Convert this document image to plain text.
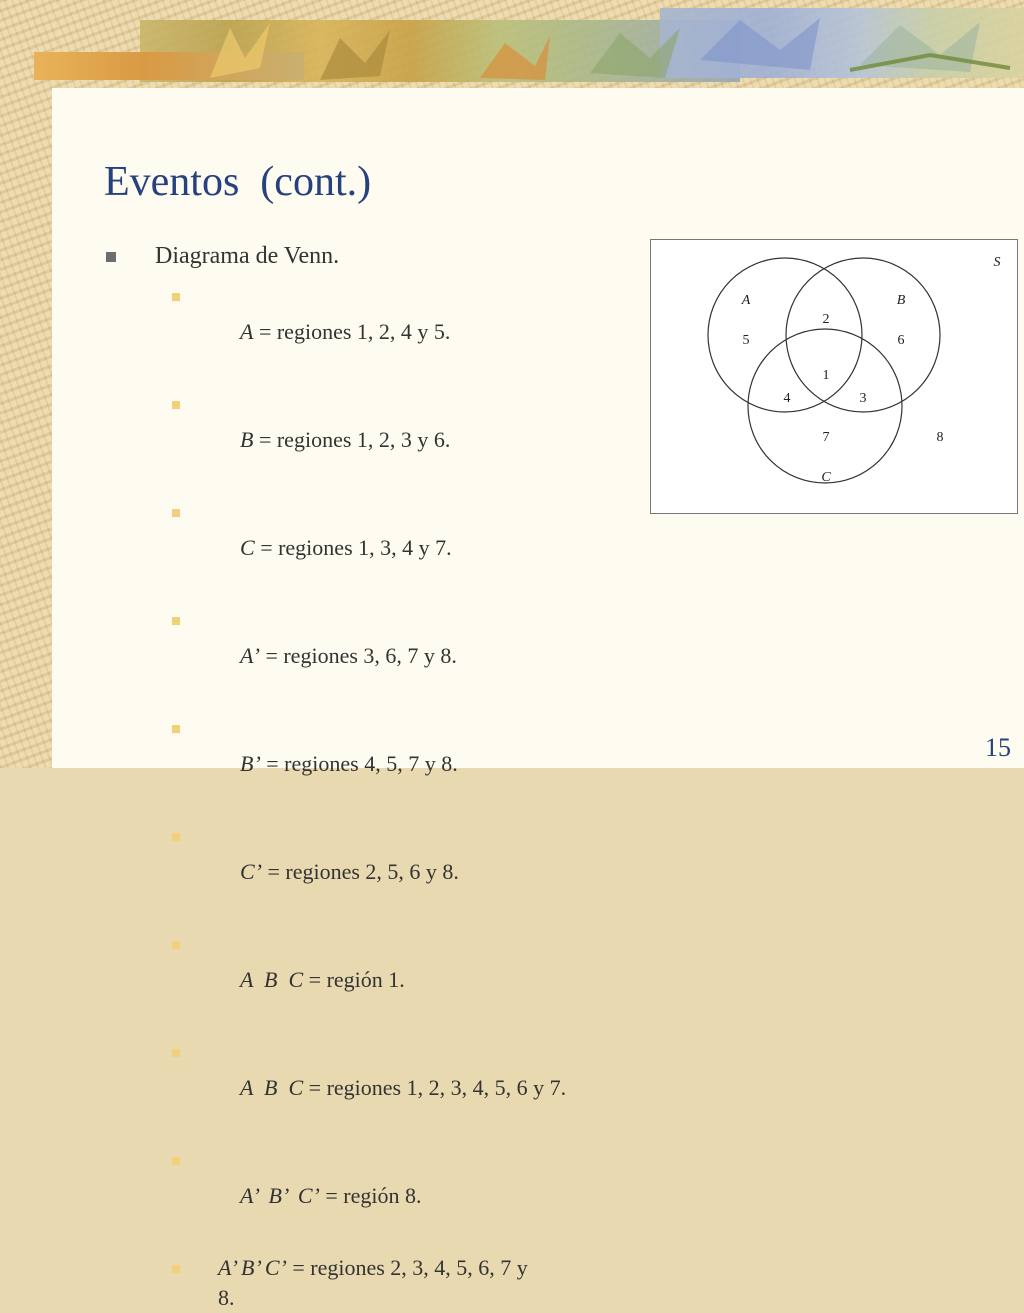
Eventos  (cont.)
Diagrama de Venn.

A = regiones 1, 2, 4 y 5.

B = regiones 1, 2, 3 y 6.

C = regiones 1, 3, 4 y 7.

A’ = regiones 3, 6, 7 y 8.

B’ = regiones 4, 5, 7 y 8.

C’ = regiones 2, 5, 6 y 8.

A  B  C = región 1.

A  B  C = regiones 1, 2, 3, 4, 5, 6 y 7.

A’  B’  C’ = región 8.

A’ B’ C’ = regiones 2, 3, 4, 5, 6, 7 y 8.
S
A	B
C
1
2
3
4
5	6
7	8
15
